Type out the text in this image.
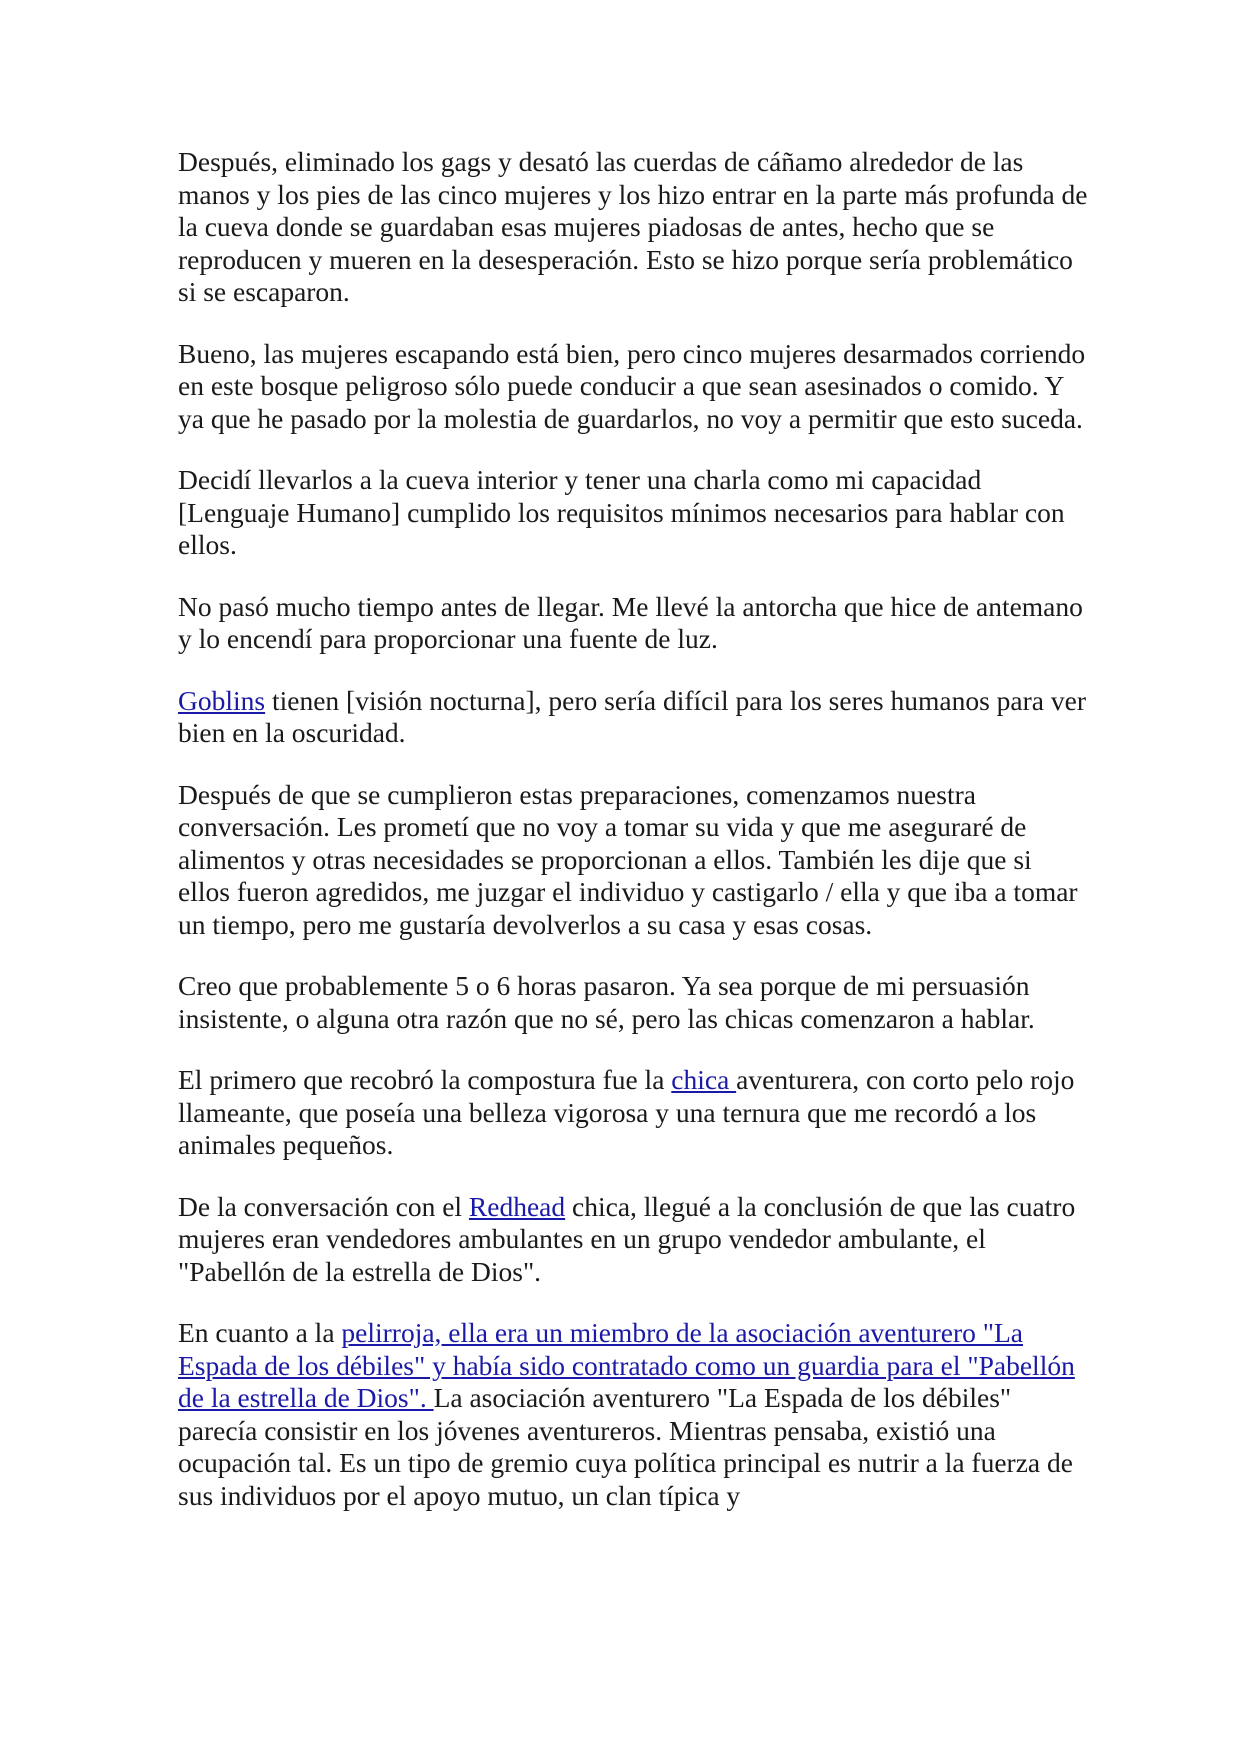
Después, eliminado los gags y desató las cuerdas de cáñamo alrededor de las manos y los pies de las cinco mujeres y los hizo entrar en la parte más profunda de la cueva donde se guardaban esas mujeres piadosas de antes, hecho que se reproducen y mueren en la desesperación. Esto se hizo porque sería problemático si se escaparon.

Bueno, las mujeres escapando está bien, pero cinco mujeres desarmados corriendo en este bosque peligroso sólo puede conducir a que sean asesinados o comido. Y ya que he pasado por la molestia de guardarlos, no voy a permitir que esto suceda.

Decidí llevarlos a la cueva interior y tener una charla como mi capacidad [Lenguaje Humano] cumplido los requisitos mínimos necesarios para hablar con ellos.

No pasó mucho tiempo antes de llegar. Me llevé la antorcha que hice de antemano y lo encendí para proporcionar una fuente de luz.

Goblins tienen [visión nocturna], pero sería difícil para los seres humanos para ver bien en la oscuridad.

Después de que se cumplieron estas preparaciones, comenzamos nuestra conversación. Les prometí que no voy a tomar su vida y que me aseguraré de alimentos y otras necesidades se proporcionan a ellos. También les dije que si ellos fueron agredidos, me juzgar el individuo y castigarlo / ella y que iba a tomar un tiempo, pero me gustaría devolverlos a su casa y esas cosas.

Creo que probablemente 5 o 6 horas pasaron. Ya sea porque de mi persuasión insistente, o alguna otra razón que no sé, pero las chicas comenzaron a hablar.

El primero que recobró la compostura fue la chica aventurera, con corto pelo rojo llameante, que poseía una belleza vigorosa y una ternura que me recordó a los animales pequeños.

De la conversación con el Redhead chica, llegué a la conclusión de que las cuatro mujeres eran vendedores ambulantes en un grupo vendedor ambulante, el "Pabellón de la estrella de Dios".

En cuanto a la pelirroja, ella era un miembro de la asociación aventurero "La Espada de los débiles" y había sido contratado como un guardia para el "Pabellón de la estrella de Dios". La asociación aventurero "La Espada de los débiles" parecía consistir en los jóvenes aventureros. Mientras pensaba, existió una ocupación tal. Es un tipo de gremio cuya política principal es nutrir a la fuerza de sus individuos por el apoyo mutuo, un clan típica y
